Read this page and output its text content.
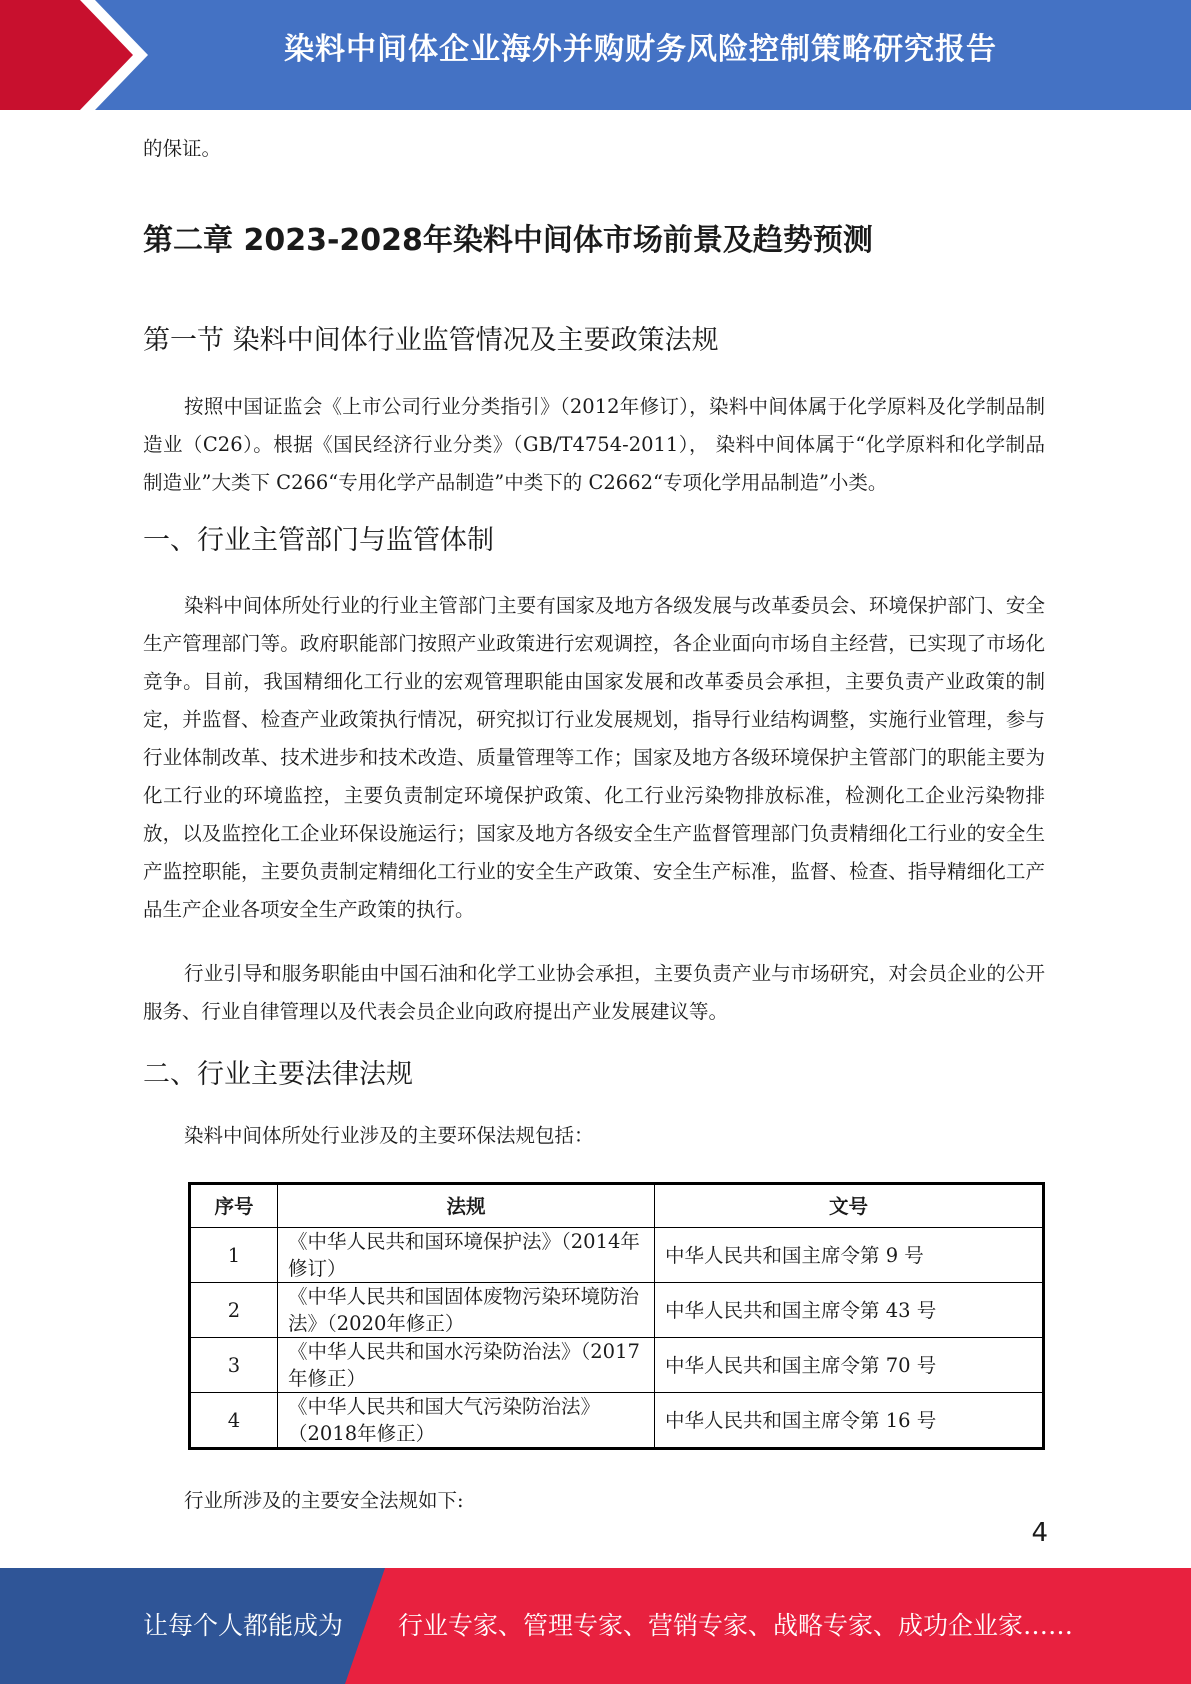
染料中间体企业海外并购财务风险控制策略研究报告

的保证。

第二章 2023-2028年染料中间体市场前景及趋势预测
第一节 染料中间体行业监管情况及主要政策法规

按照中国证监会《上市公司行业分类指引》（2012年修订），染料中间体属于化学原料及化学制品制造业（C26）。根据《国民经济行业分类》（GB/T4754-2011）， 染料中间体属于“化学原料和化学制品制造业”大类下 C266“专用化学产品制造”中类下的 C2662“专项化学用品制造”小类。

一、行业主管部门与监管体制

染料中间体所处行业的行业主管部门主要有国家及地方各级发展与改革委员会、环境保护部门、安全生产管理部门等。政府职能部门按照产业政策进行宏观调控，各企业面向市场自主经营，已实现了市场化竞争。目前，我国精细化工行业的宏观管理职能由国家发展和改革委员会承担，主要负责产业政策的制定，并监督、检查产业政策执行情况，研究拟订行业发展规划，指导行业结构调整，实施行业管理，参与行业体制改革、技术进步和技术改造、质量管理等工作；国家及地方各级环境保护主管部门的职能主要为化工行业的环境监控，主要负责制定环境保护政策、化工行业污染物排放标准，检测化工企业污染物排放，以及监控化工企业环保设施运行；国家及地方各级安全生产监督管理部门负责精细化工行业的安全生产监控职能，主要负责制定精细化工行业的安全生产政策、安全生产标准，监督、检查、指导精细化工产品生产企业各项安全生产政策的执行。

行业引导和服务职能由中国石油和化学工业协会承担，主要负责产业与市场研究，对会员企业的公开服务、行业自律管理以及代表会员企业向政府提出产业发展建议等。

二、行业主要法律法规

染料中间体所处行业涉及的主要环保法规包括：

序号	法规	文号
1	《中华人民共和国环境保护法》（2014年修订）	中华人民共和国主席令第 9 号
2	《中华人民共和国固体废物污染环境防治法》（2020年修正）	中华人民共和国主席令第 43 号
3	《中华人民共和国水污染防治法》（2017年修正）	中华人民共和国主席令第 70 号
4	《中华人民共和国大气污染防治法》（2018年修正）	中华人民共和国主席令第 16 号

行业所涉及的主要安全法规如下:

4
让每个人都能成为 行业专家、管理专家、营销专家、战略专家、成功企业家……
